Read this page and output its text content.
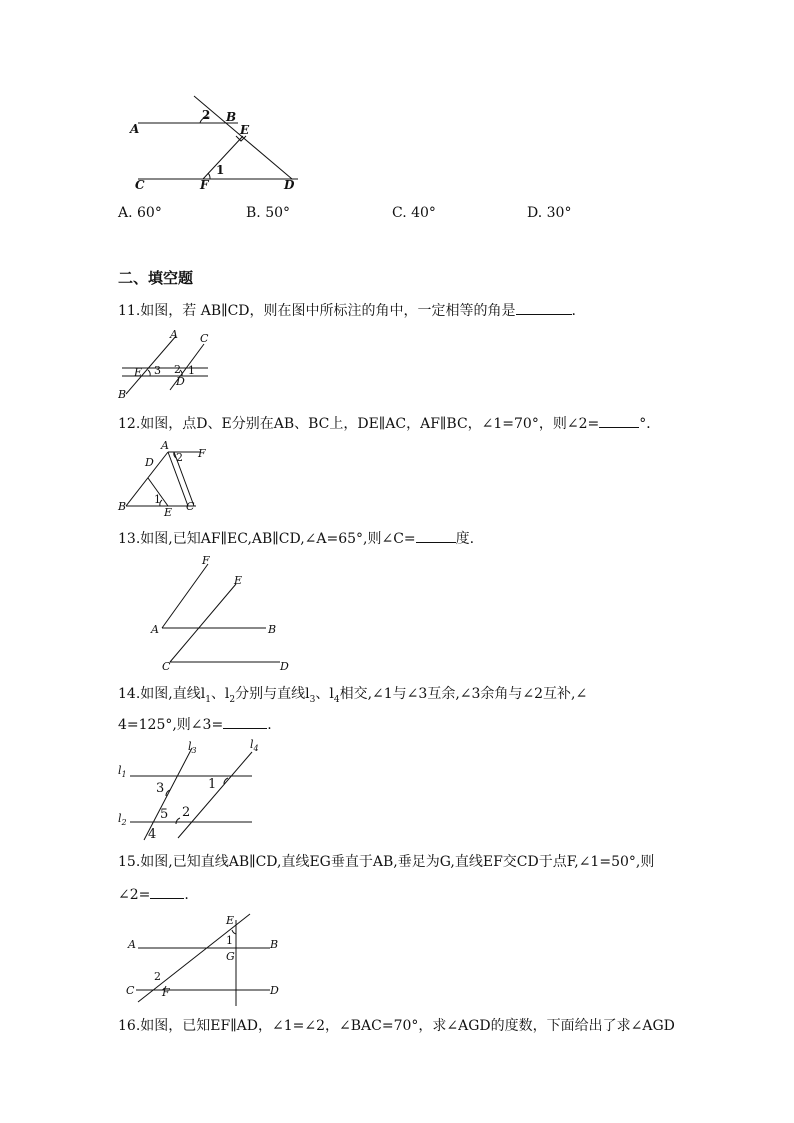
A
2 B
E
1
C	F	D
A. 60°	B. 50°	C. 40°	D. 30°
二、填空题
11.如图，若 AB∥CD，则在图中所标注的角中，一定相等的角是	.
A C
E 3 2 1
D
B
12.如图，点D、E分别在AB、BC上，DE∥AC，AF∥BC，∠1=70°，则∠2=	°．
A
2 F
D
1
B	E C
13.如图,已知AF∥EC,AB∥CD,∠A=65°,则∠C=	度.
F
E
A	B
C	D
14.如图,直线$l_1$、$l_2$分别与直线$l_3$、$l_4$相交,∠1与∠3互余,∠3余角与∠2互补,∠
4=125°,则∠3=	.
$l_3$	$l_4$
$l_1$
$l_2$
3	1
5 2
4
15.如图,已知直线AB∥CD,直线EG垂直于AB,垂足为G,直线EF交CD于点F,∠1=50°,则
∠2= .
E
1
A	B
G
2
C	F	D
16.如图，已知EF∥AD，∠1=∠2，∠BAC=70°，求∠AGD的度数，下面给出了求∠AGD
